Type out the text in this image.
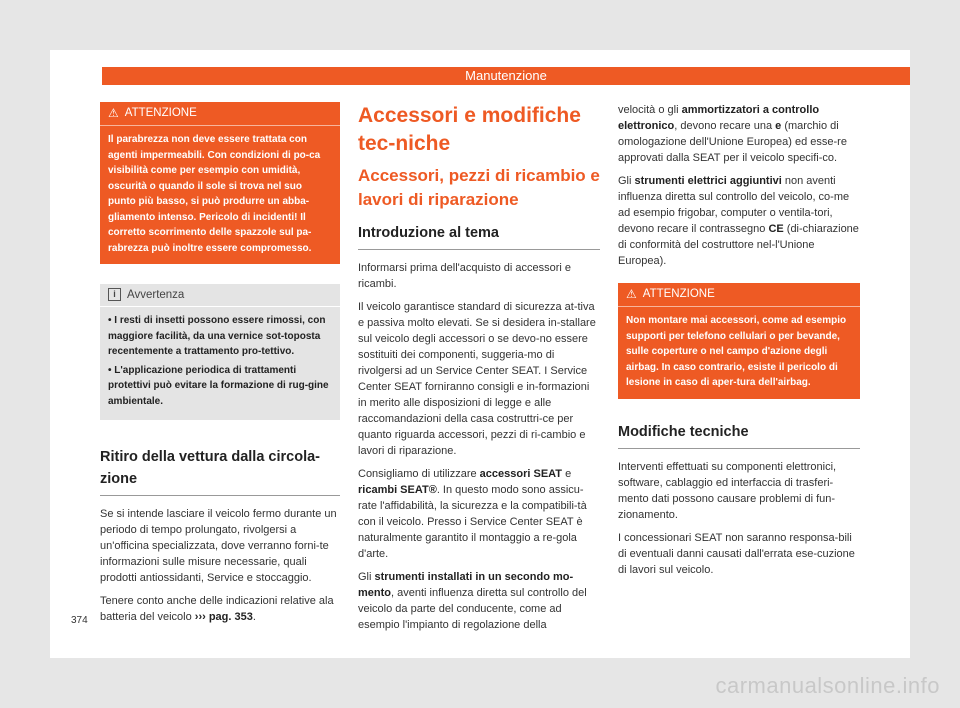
Manutenzione
⚠ ATTENZIONE

Il parabrezza non deve essere trattata con agenti impermeabili. Con condizioni di po-ca visibilità come per esempio con umidità, oscurità o quando il sole si trova nel suo punto più basso, si può produrre un abba-gliamento intenso. Pericolo di incidenti! Il corretto scorrimento delle spazzole sul pa-rabrezza può inoltre essere compromesso.

i Avvertenza
• I resti di insetti possono essere rimossi, con maggiore facilità, da una vernice sot-toposta recentemente a trattamento pro-tettivo.
• L'applicazione periodica di trattamenti protettivi può evitare la formazione di rug-gine ambientale.
Ritiro della vettura dalla circola-zione

Se si intende lasciare il veicolo fermo durante un periodo di tempo prolungato, rivolgersi a un'officina specializzata, dove verranno forni-te informazioni sulle misure necessarie, quali prodotti antiossidanti, Service e stoccaggio.

Tenere conto anche delle indicazioni relative ala batteria del veicolo ››› pag. 353.

374
Accessori e modifiche tec-niche
Accessori, pezzi di ricambio e lavori di riparazione
Introduzione al tema

Informarsi prima dell'acquisto di accessori e ricambi.

Il veicolo garantisce standard di sicurezza at-tiva e passiva molto elevati. Se si desidera in-stallare sul veicolo degli accessori o se devo-no essere sostituiti dei componenti, suggeria-mo di rivolgersi ad un Service Center SEAT. I Service Center SEAT forniranno consigli e in-formazioni in merito alle disposizioni di legge e alle raccomandazioni della casa costruttri-ce per quanto riguarda accessori, pezzi di ri-cambio e lavori di riparazione.

Consigliamo di utilizzare accessori SEAT e ricambi SEAT®. In questo modo sono assicu-rate l'affidabilità, la sicurezza e la compatibili-tà con il veicolo. Presso i Service Center SEAT è naturalmente garantito il montaggio a re-gola d'arte.

Gli strumenti installati in un secondo mo-mento, aventi influenza diretta sul controllo del veicolo da parte del conducente, come ad esempio l'impianto di regolazione della

velocità o gli ammortizzatori a controllo elettronico, devono recare una e (marchio di omologazione dell'Unione Europea) ed esse-re approvati dalla SEAT per il veicolo specifi-co.

Gli strumenti elettrici aggiuntivi non aventi influenza diretta sul controllo del veicolo, co-me ad esempio frigobar, computer o ventila-tori, devono recare il contrassegno CE (di-chiarazione di conformità del costruttore nel-l'Unione Europea).

⚠ ATTENZIONE

Non montare mai accessori, come ad esempio supporti per telefono cellulari o per bevande, sulle coperture o nel campo d'azione degli airbag. In caso contrario, esiste il pericolo di lesione in caso di aper-tura dell'airbag.

Modifiche tecniche

Interventi effettuati su componenti elettronici, software, cablaggio ed interfaccia di trasferi-mento dati possono causare problemi di fun-zionamento.

I concessionari SEAT non saranno responsa-bili di eventuali danni causati dall'errata ese-cuzione di lavori sul veicolo.

carmanualsonline.info
